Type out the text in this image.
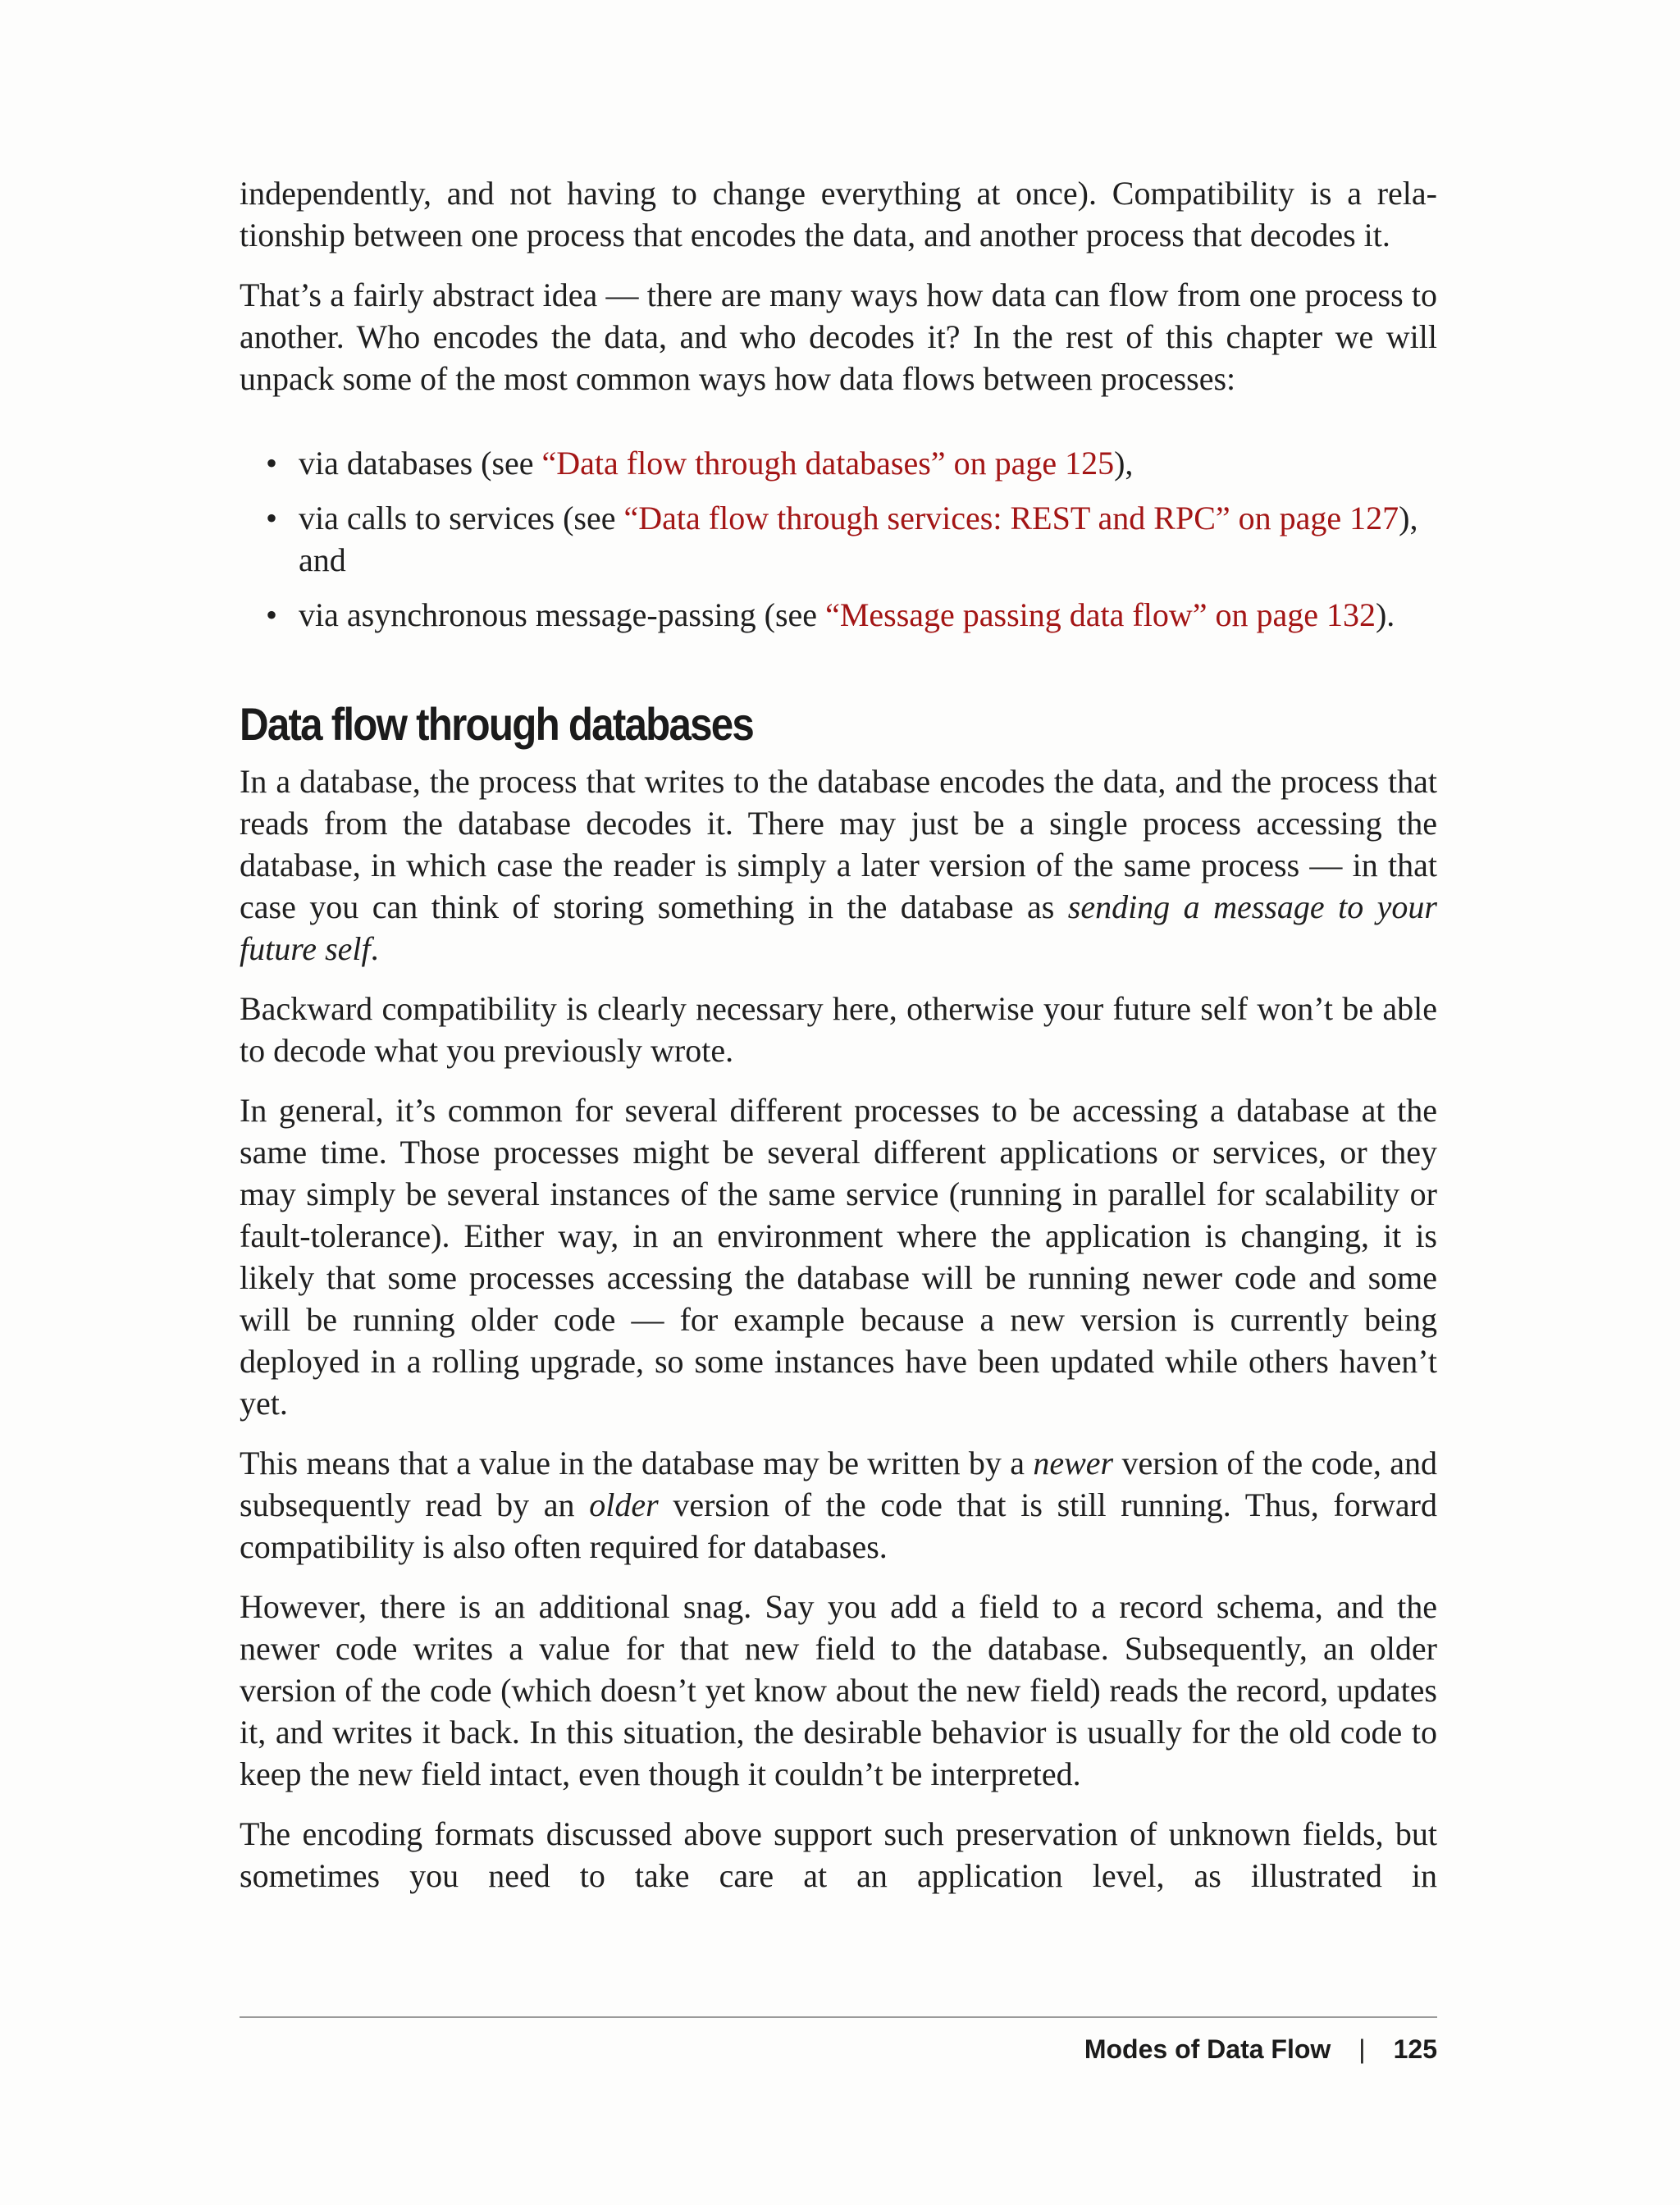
independently, and not having to change everything at once). Compatibility is a relationship between one process that encodes the data, and another process that decodes it.

That’s a fairly abstract idea — there are many ways how data can flow from one process to another. Who encodes the data, and who decodes it? In the rest of this chapter we will unpack some of the most common ways how data flows between processes:

• via databases (see “Data flow through databases” on page 125),
• via calls to services (see “Data flow through services: REST and RPC” on page 127), and
• via asynchronous message-passing (see “Message passing data flow” on page 132).
Data flow through databases

In a database, the process that writes to the database encodes the data, and the process that reads from the database decodes it. There may just be a single process accessing the database, in which case the reader is simply a later version of the same process — in that case you can think of storing something in the database as sending a message to your future self.

Backward compatibility is clearly necessary here, otherwise your future self won’t be able to decode what you previously wrote.

In general, it’s common for several different processes to be accessing a database at the same time. Those processes might be several different applications or services, or they may simply be several instances of the same service (running in parallel for scalability or fault-tolerance). Either way, in an environment where the application is changing, it is likely that some processes accessing the database will be running newer code and some will be running older code — for example because a new version is currently being deployed in a rolling upgrade, so some instances have been updated while others haven’t yet.

This means that a value in the database may be written by a newer version of the code, and subsequently read by an older version of the code that is still running. Thus, forward compatibility is also often required for databases.

However, there is an additional snag. Say you add a field to a record schema, and the newer code writes a value for that new field to the database. Subsequently, an older version of the code (which doesn’t yet know about the new field) reads the record, updates it, and writes it back. In this situation, the desirable behavior is usually for the old code to keep the new field intact, even though it couldn’t be interpreted.

The encoding formats discussed above support such preservation of unknown fields, but sometimes you need to take care at an application level, as illustrated in

Modes of Data Flow | 125
